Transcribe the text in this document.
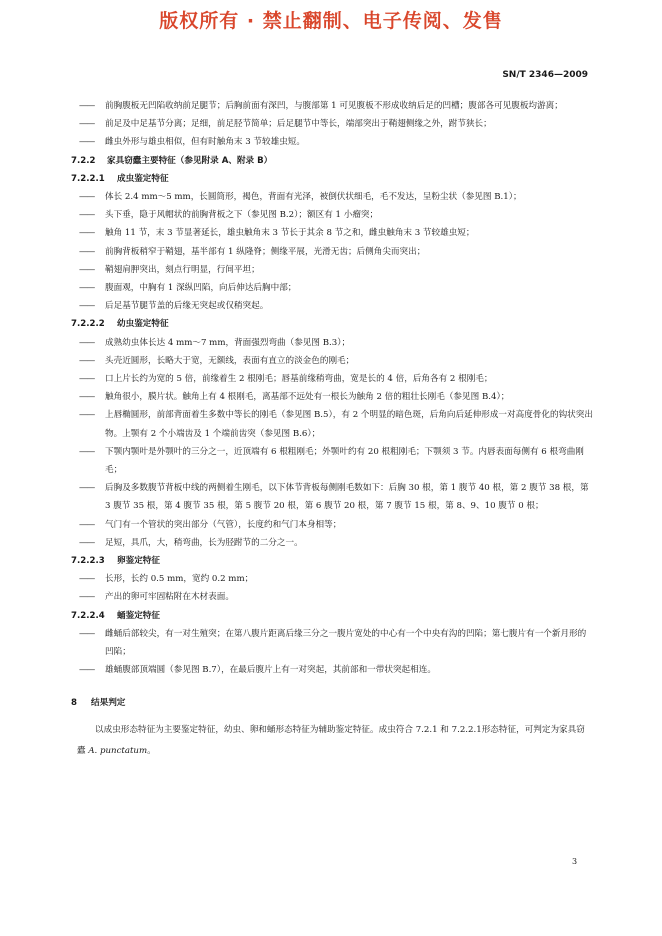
版权所有 · 禁止翻制、电子传阅、发售
SN/T 2346—2009
—— 前胸腹板无凹陷收纳前足腿节；后胸前面有深凹，与腹部第 1 可见腹板不形成收纳后足的凹槽；腹部各可见腹板均游离；
—— 前足及中足基节分离；足细，前足胫节简单；后足腿节中等长，端部突出于鞘翅侧缘之外，跗节狭长；
—— 雌虫外形与雄虫相似，但有时触角末 3 节较雄虫短。
7.2.2 家具窃蠹主要特征（参见附录 A、附录 B）
7.2.2.1 成虫鉴定特征
—— 体长 2.4 mm～5 mm，长圆筒形，褐色，背面有光泽，被倒伏状细毛，毛不发达，呈粉尘状（参见图 B.1）；
—— 头下垂，隐于风帽状的前胸背板之下（参见图 B.2）；额区有 1 小瘤突；
—— 触角 11 节，末 3 节显著延长，雄虫触角末 3 节长于其余 8 节之和，雌虫触角末 3 节较雄虫短；
—— 前胸背板稍窄于鞘翅，基半部有 1 纵隆脊；侧缘平展，光滑无齿；后侧角尖而突出；
—— 鞘翅肩胛突出，刻点行明显，行间平坦；
—— 腹面观，中胸有 1 深纵凹陷，向后伸达后胸中部；
—— 后足基节腿节盖的后缘无突起或仅稍突起。
7.2.2.2 幼虫鉴定特征
—— 成熟幼虫体长达 4 mm～7 mm，背面强烈弯曲（参见图 B.3）；
—— 头壳近圆形，长略大于宽，无额线，表面有直立的淡金色的刚毛；
—— 口上片长约为宽的 5 倍，前缘着生 2 根刚毛；唇基前缘稍弯曲，宽是长的 4 倍，后角各有 2 根刚毛；
—— 触角很小，膜片状。触角上有 4 根刚毛，离基部不远处有一根长为触角 2 倍的粗壮长刚毛（参见图 B.4）；
—— 上唇椭圆形，前部背面着生多数中等长的刚毛（参见图 B.5），有 2 个明显的暗色斑，后角向后延伸形成一对高度骨化的钩状突出物。上颚有 2 个小端齿及 1 个端前齿突（参见图 B.6）；
—— 下颚内颚叶是外颚叶的三分之一，近顶端有 6 根粗刚毛；外颚叶约有 20 根粗刚毛；下颚须 3 节。内唇表面每侧有 6 根弯曲刚毛；
—— 后胸及多数腹节背板中线的两侧着生刚毛，以下体节背板每侧刚毛数如下：后胸 30 根，第 1 腹节 40 根，第 2 腹节 38 根，第 3 腹节 35 根，第 4 腹节 35 根，第 5 腹节 20 根，第 6 腹节 20 根，第 7 腹节 15 根，第 8、9、10 腹节 0 根；
—— 气门有一个管状的突出部分（气管），长度约和气门本身相等；
—— 足短，具爪，大，稍弯曲，长为胫跗节的二分之一。
7.2.2.3 卵鉴定特征
—— 长形，长约 0.5 mm，宽约 0.2 mm；
—— 产出的卵可牢固粘附在木材表面。
7.2.2.4 蛹鉴定特征
—— 雌蛹后部较尖，有一对生殖突；在第八腹片距离后缘三分之一腹片宽处的中心有一个中央有沟的凹陷；第七腹片有一个新月形的凹陷；
—— 雄蛹腹部顶端圆（参见图 B.7），在最后腹片上有一对突起，其前部和一带状突起相连。
8 结果判定
以成虫形态特征为主要鉴定特征，幼虫、卵和蛹形态特征为辅助鉴定特征。成虫符合 7.2.1 和 7.2.2.1形态特征，可判定为家具窃蠹 A. punctatum。
3
